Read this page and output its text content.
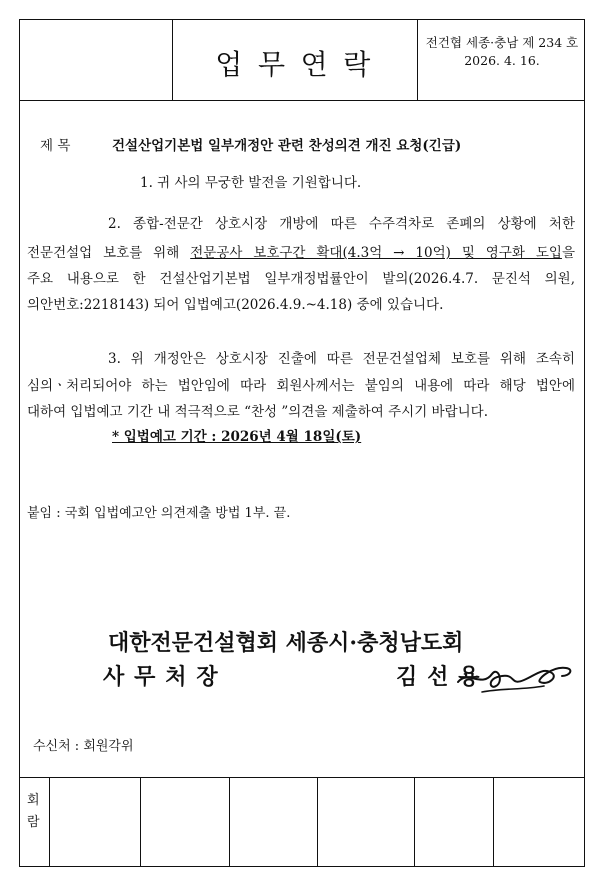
업 무 연 락
전건협 세종·충남 제 234 호
2026. 4. 16.
제 목	건설산업기본법 일부개정안 관련 찬성의견 개진 요청(긴급)
1. 귀 사의 무궁한 발전을 기원합니다.
2. 종합-전문간 상호시장 개방에 따른 수주격차로 존폐의 상황에 처한
전문건설업 보호를 위해 전문공사 보호구간 확대(4.3억 → 10억) 및 영구화 도입을
주요 내용으로 한 건설산업기본법 일부개정법률안이 발의(2026.4.7. 문진석 의원,
의안번호:2218143) 되어 입법예고(2026.4.9.~4.18) 중에 있습니다.
3. 위 개정안은 상호시장 진출에 따른 전문건설업체 보호를 위해 조속히
심의ㆍ처리되어야 하는 법안임에 따라 회원사께서는 붙임의 내용에 따라 해당 법안에
대하여 입법예고 기간 내 적극적으로 “찬성 ”의견을 제출하여 주시기 바랍니다.
* 입법예고 기간 : 2026년 4월 18일(토)
붙임 : 국회 입법예고안 의견제출 방법 1부. 끝.
대한전문건설협회 세종시·충청남도회
사 무 처 장	김 선 용
수신처 : 회원각위
회
람
